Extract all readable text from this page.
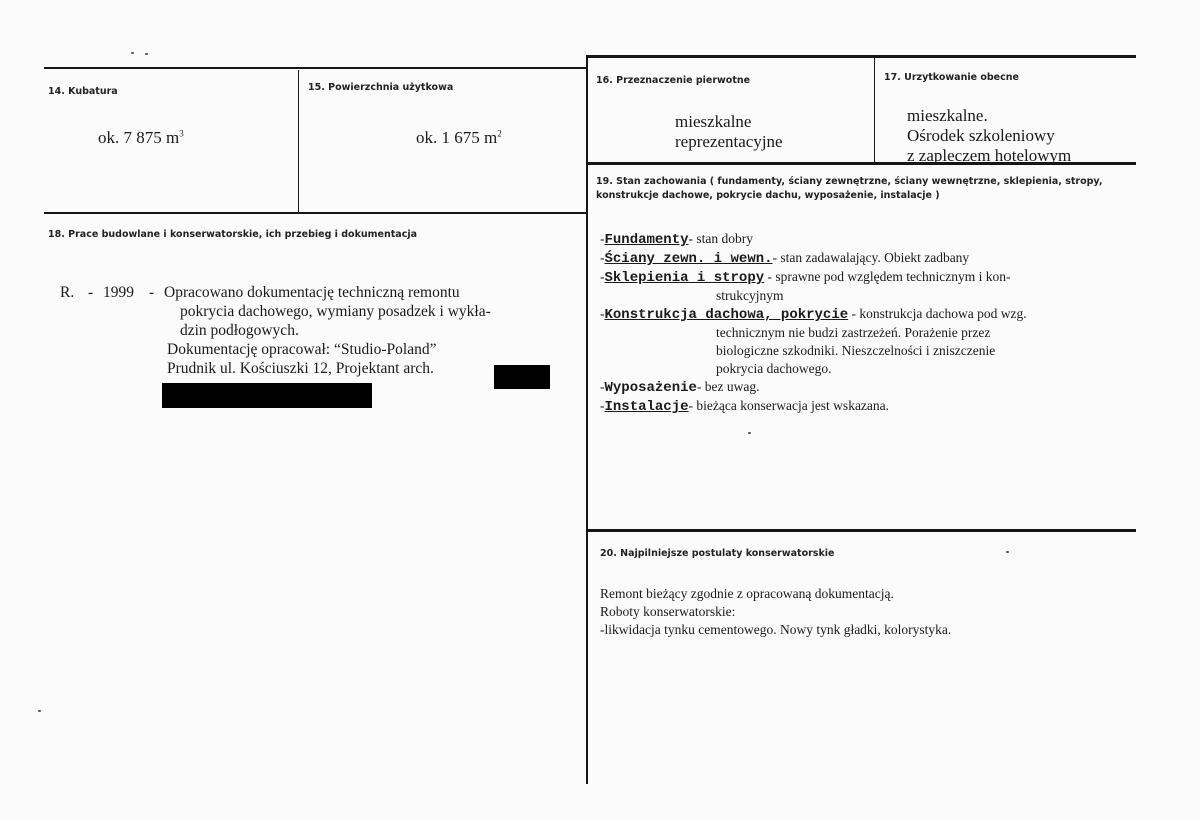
14. Kubatura
ok. 7 875 $m^3$
15. Powierzchnia użytkowa
ok. 1 675 $m^2$
16. Przeznaczenie pierwotne
mieszkalne
reprezentacyjne
17. Urzytkowanie obecne
mieszkalne.
Ośrodek szkoleniowy
z zapleczem hotelowym
18. Prace budowlane i konserwatorskie, ich przebieg i dokumentacja
R. - 1999 - Opracowano dokumentację techniczną remontu
pokrycia dachowego, wymiany posadzek i wykła-
dzin podłogowych.
Dokumentację opracował: “Studio-Poland”
Prudnik ul. Kościuszki 12, Projektant arch.
19. Stan zachowania ( fundamenty, ściany zewnętrzne, ściany wewnętrzne, sklepienia, stropy,
konstrukcje dachowe, pokrycie dachu, wyposażenie, instalacje )
-Fundamenty- stan dobry
-Ściany zewn. i wewn.- stan zadawalający. Obiekt zadbany
-Sklepienia i stropy - sprawne pod względem technicznym i kon-
strukcyjnym
-Konstrukcja dachowa, pokrycie - konstrukcja dachowa pod wzg.
technicznym nie budzi zastrzeżeń. Porażenie przez
biologiczne szkodniki. Nieszczelności i zniszczenie
pokrycia dachowego.
-Wyposażenie- bez uwag.
-Instalacje- bieżąca konserwacja jest wskazana.
20. Najpilniejsze postulaty konserwatorskie
Remont bieżący zgodnie z opracowaną dokumentacją.
Roboty konserwatorskie:
-likwidacja tynku cementowego. Nowy tynk gładki, kolorystyka.
